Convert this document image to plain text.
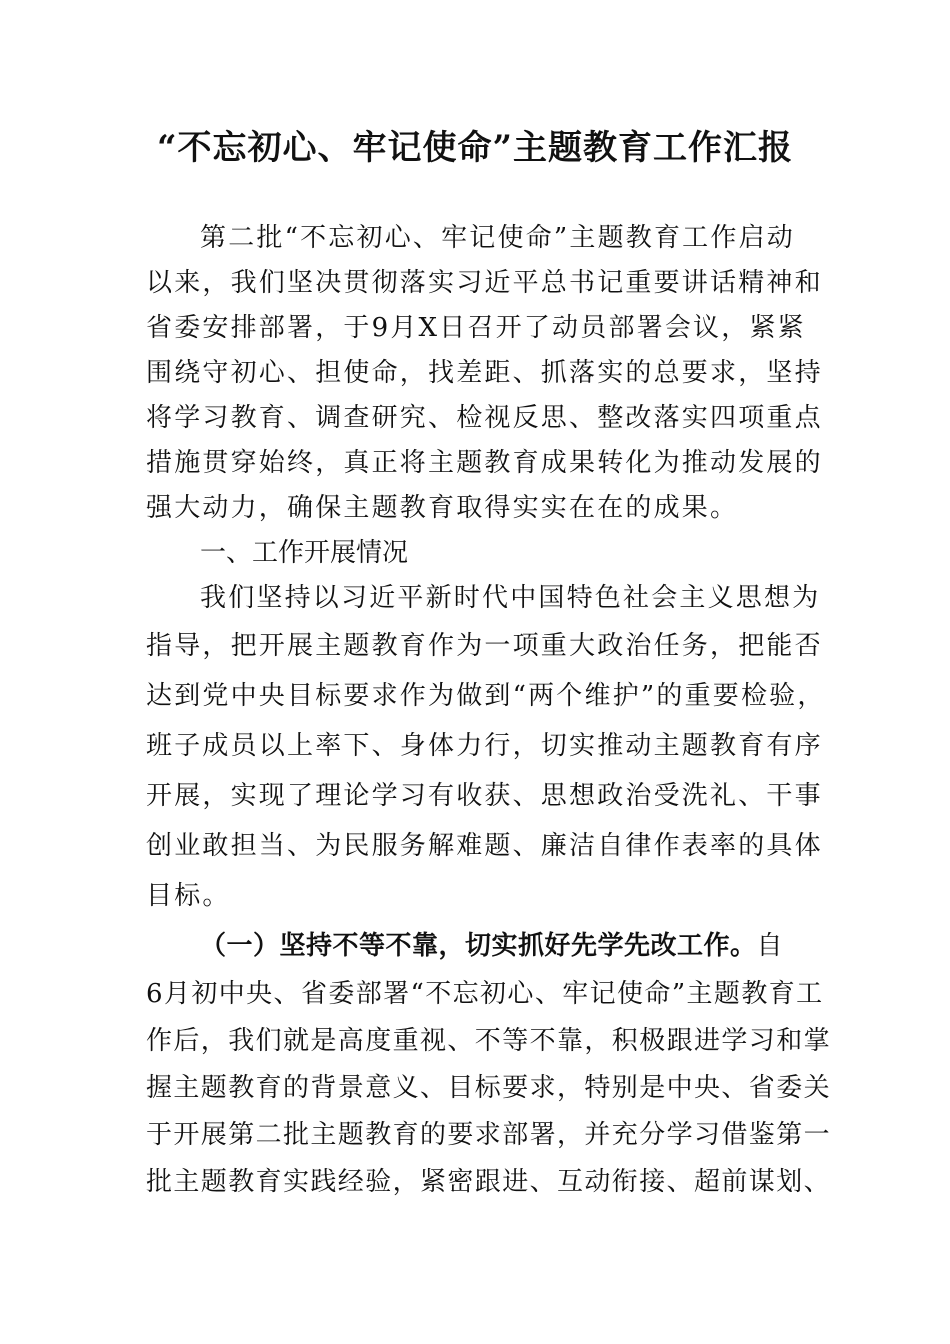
“不忘初心、牢记使命”主题教育工作汇报
第二批“不忘初心、牢记使命”主题教育工作启动
以来，我们坚决贯彻落实习近平总书记重要讲话精神和
省委安排部署，于9月X日召开了动员部署会议，紧紧
围绕守初心、担使命，找差距、抓落实的总要求，坚持
将学习教育、调查研究、检视反思、整改落实四项重点
措施贯穿始终，真正将主题教育成果转化为推动发展的
强大动力，确保主题教育取得实实在在的成果。
一、工作开展情况
我们坚持以习近平新时代中国特色社会主义思想为
指导，把开展主题教育作为一项重大政治任务，把能否
达到党中央目标要求作为做到“两个维护”的重要检验，
班子成员以上率下、身体力行，切实推动主题教育有序
开展，实现了理论学习有收获、思想政治受洗礼、干事
创业敢担当、为民服务解难题、廉洁自律作表率的具体
目标。
（一）坚持不等不靠，切实抓好先学先改工作。自
6月初中央、省委部署“不忘初心、牢记使命”主题教育工
作后，我们就是高度重视、不等不靠，积极跟进学习和掌
握主题教育的背景意义、目标要求，特别是中央、省委关
于开展第二批主题教育的要求部署，并充分学习借鉴第一
批主题教育实践经验，紧密跟进、互动衔接、超前谋划、
